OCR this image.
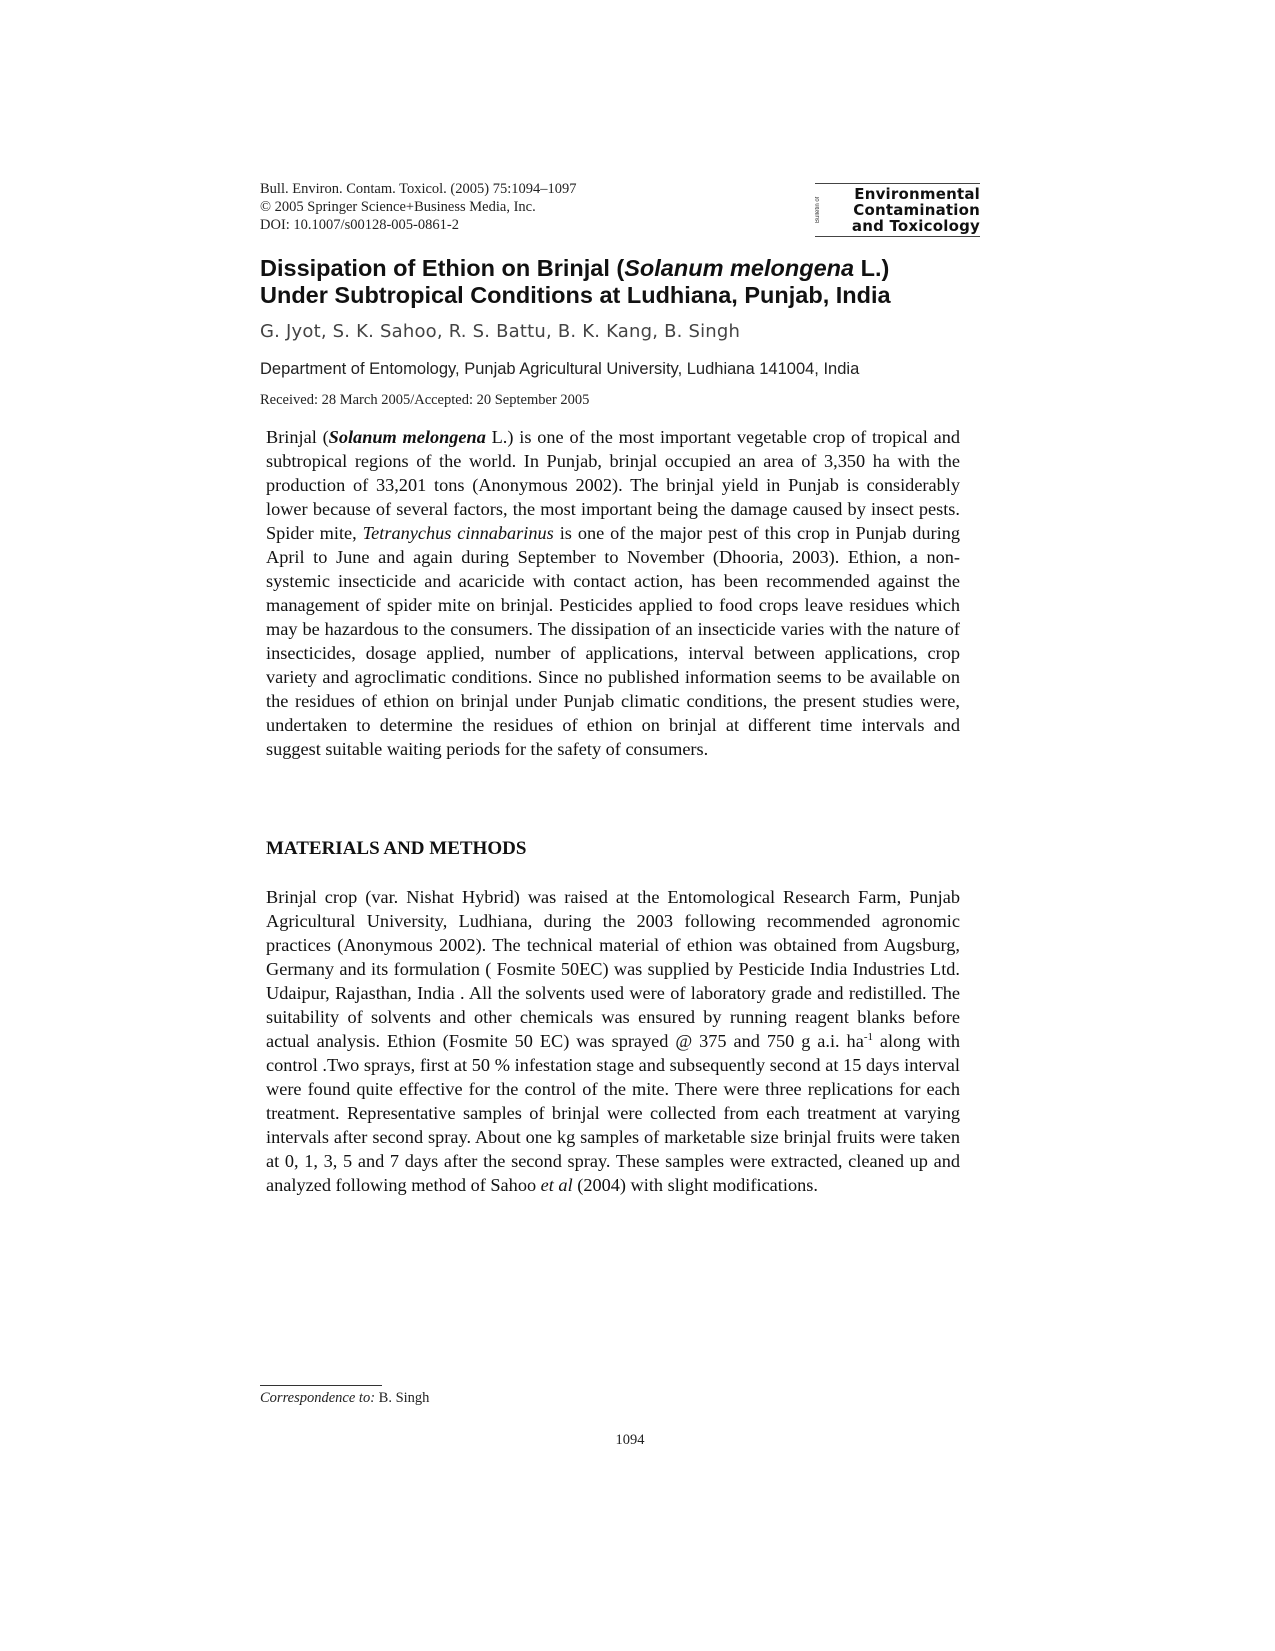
Bull. Environ. Contam. Toxicol. (2005) 75:1094–1097
© 2005 Springer Science+Business Media, Inc.
DOI: 10.1007/s00128-005-0861-2
Bulletin of
Environmental
Contamination
and Toxicology
Dissipation of Ethion on Brinjal (Solanum melongena L.)
Under Subtropical Conditions at Ludhiana, Punjab, India
G. Jyot, S. K. Sahoo, R. S. Battu, B. K. Kang, B. Singh
Department of Entomology, Punjab Agricultural University, Ludhiana 141004, India
Received: 28 March 2005/Accepted: 20 September 2005

Brinjal (Solanum melongena L.) is one of the most important vegetable crop of tropical and subtropical regions of the world. In Punjab, brinjal occupied an area of 3,350 ha with the production of 33,201 tons (Anonymous 2002). The brinjal yield in Punjab is considerably lower because of several factors, the most important being the damage caused by insect pests. Spider mite, Tetranychus cinnabarinus is one of the major pest of this crop in Punjab during April to June and again during September to November (Dhooria, 2003). Ethion, a non-systemic insecticide and acaricide with contact action, has been recommended against the management of spider mite on brinjal. Pesticides applied to food crops leave residues which may be hazardous to the consumers. The dissipation of an insecticide varies with the nature of insecticides, dosage applied, number of applications, interval between applications, crop variety and agroclimatic conditions. Since no published information seems to be available on the residues of ethion on brinjal under Punjab climatic conditions, the present studies were, undertaken to determine the residues of ethion on brinjal at different time intervals and suggest suitable waiting periods for the safety of consumers.

MATERIALS AND METHODS

Brinjal crop (var. Nishat Hybrid) was raised at the Entomological Research Farm, Punjab Agricultural University, Ludhiana, during the 2003 following recommended agronomic practices (Anonymous 2002). The technical material of ethion was obtained from Augsburg, Germany and its formulation ( Fosmite 50EC) was supplied by Pesticide India Industries Ltd. Udaipur, Rajasthan, India . All the solvents used were of laboratory grade and redistilled. The suitability of solvents and other chemicals was ensured by running reagent blanks before actual analysis. Ethion (Fosmite 50 EC) was sprayed @ 375 and 750 g a.i. $ha^{-1}$ along with control .Two sprays, first at 50 % infestation stage and subsequently second at 15 days interval were found quite effective for the control of the mite. There were three replications for each treatment. Representative samples of brinjal were collected from each treatment at varying intervals after second spray. About one kg samples of marketable size brinjal fruits were taken at 0, 1, 3, 5 and 7 days after the second spray. These samples were extracted, cleaned up and analyzed following method of Sahoo et al (2004) with slight modifications.

Correspondence to: B. Singh
1094
